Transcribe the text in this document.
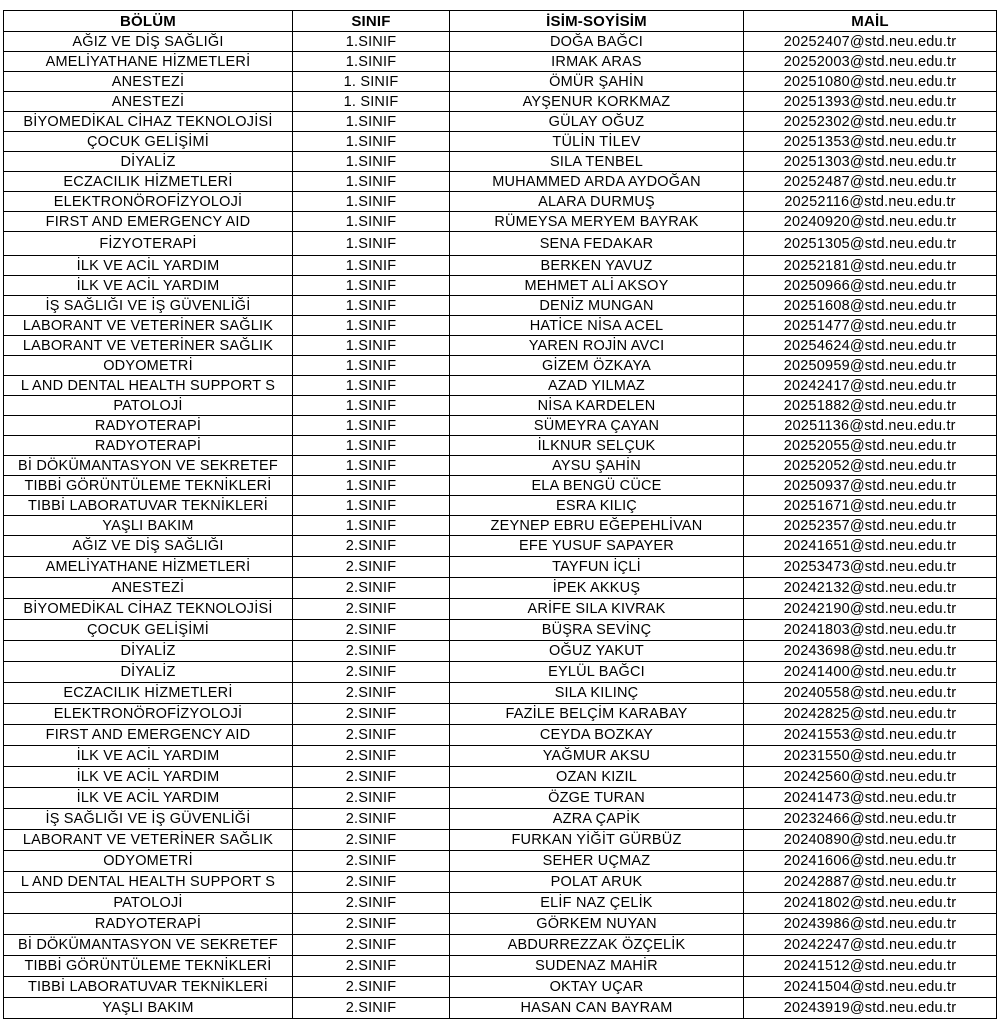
BÖLÜM	SINIF	İSİM-SOYİSİM	MAİL
AĞIZ VE DİŞ SAĞLIĞI	1.SINIF	DOĞA BAĞCI	20252407@std.neu.edu.tr
AMELİYATHANE HİZMETLERİ	1.SINIF	IRMAK ARAS	20252003@std.neu.edu.tr
ANESTEZİ	1. SINIF	ÖMÜR ŞAHİN	20251080@std.neu.edu.tr
ANESTEZİ	1. SINIF	AYŞENUR KORKMAZ	20251393@std.neu.edu.tr
BİYOMEDİKAL CİHAZ TEKNOLOJİSİ	1.SINIF	GÜLAY OĞUZ	20252302@std.neu.edu.tr
ÇOCUK GELİŞİMİ	1.SINIF	TÜLİN TİLEV	20251353@std.neu.edu.tr
DİYALİZ	1.SINIF	SILA TENBEL	20251303@std.neu.edu.tr
ECZACILIK HİZMETLERİ	1.SINIF	MUHAMMED ARDA AYDOĞAN	20252487@std.neu.edu.tr
ELEKTRONÖROFİZYOLOJİ	1.SINIF	ALARA DURMUŞ	20252116@std.neu.edu.tr
FIRST AND EMERGENCY AID	1.SINIF	RÜMEYSA MERYEM BAYRAK	20240920@std.neu.edu.tr
FİZYOTERAPİ	1.SINIF	SENA FEDAKAR	20251305@std.neu.edu.tr
İLK VE ACİL YARDIM	1.SINIF	BERKEN YAVUZ	20252181@std.neu.edu.tr
İLK VE ACİL YARDIM	1.SINIF	MEHMET ALİ AKSOY	20250966@std.neu.edu.tr
İŞ SAĞLIĞI VE İŞ GÜVENLİĞİ	1.SINIF	DENİZ MUNGAN	20251608@std.neu.edu.tr
LABORANT VE VETERİNER SAĞLIK	1.SINIF	HATİCE NİSA ACEL	20251477@std.neu.edu.tr
LABORANT VE VETERİNER SAĞLIK	1.SINIF	YAREN ROJİN AVCI	20254624@std.neu.edu.tr
ODYOMETRİ	1.SINIF	GİZEM ÖZKAYA	20250959@std.neu.edu.tr
L AND DENTAL HEALTH SUPPORT S	1.SINIF	AZAD YILMAZ	20242417@std.neu.edu.tr
PATOLOJİ	1.SINIF	NİSA KARDELEN	20251882@std.neu.edu.tr
RADYOTERAPİ	1.SINIF	SÜMEYRA ÇAYAN	20251136@std.neu.edu.tr
RADYOTERAPİ	1.SINIF	İLKNUR SELÇUK	20252055@std.neu.edu.tr
Bİ DÖKÜMANTASYON VE SEKRETEF	1.SINIF	AYSU ŞAHİN	20252052@std.neu.edu.tr
TIBBİ GÖRÜNTÜLEME TEKNİKLERİ	1.SINIF	ELA BENGÜ CÜCE	20250937@std.neu.edu.tr
TIBBİ LABORATUVAR TEKNİKLERİ	1.SINIF	ESRA KILIÇ	20251671@std.neu.edu.tr
YAŞLI BAKIM	1.SINIF	ZEYNEP EBRU EĞEPEHLİVAN	20252357@std.neu.edu.tr
AĞIZ VE DİŞ SAĞLIĞI	2.SINIF	EFE YUSUF SAPAYER	20241651@std.neu.edu.tr
AMELİYATHANE HİZMETLERİ	2.SINIF	TAYFUN İÇLİ	20253473@std.neu.edu.tr
ANESTEZİ	2.SINIF	İPEK AKKUŞ	20242132@std.neu.edu.tr
BİYOMEDİKAL CİHAZ TEKNOLOJİSİ	2.SINIF	ARİFE SILA KIVRAK	20242190@std.neu.edu.tr
ÇOCUK GELİŞİMİ	2.SINIF	BÜŞRA SEVİNÇ	20241803@std.neu.edu.tr
DİYALİZ	2.SINIF	OĞUZ YAKUT	20243698@std.neu.edu.tr
DİYALİZ	2.SINIF	EYLÜL BAĞCI	20241400@std.neu.edu.tr
ECZACILIK HİZMETLERİ	2.SINIF	SILA KILINÇ	20240558@std.neu.edu.tr
ELEKTRONÖROFİZYOLOJİ	2.SINIF	FAZİLE BELÇİM KARABAY	20242825@std.neu.edu.tr
FIRST AND EMERGENCY AID	2.SINIF	CEYDA BOZKAY	20241553@std.neu.edu.tr
İLK VE ACİL YARDIM	2.SINIF	YAĞMUR AKSU	20231550@std.neu.edu.tr
İLK VE ACİL YARDIM	2.SINIF	OZAN KIZIL	20242560@std.neu.edu.tr
İLK VE ACİL YARDIM	2.SINIF	ÖZGE TURAN	20241473@std.neu.edu.tr
İŞ SAĞLIĞI VE İŞ GÜVENLİĞİ	2.SINIF	AZRA ÇAPİK	20232466@std.neu.edu.tr
LABORANT VE VETERİNER SAĞLIK	2.SINIF	FURKAN YİĞİT GÜRBÜZ	20240890@std.neu.edu.tr
ODYOMETRİ	2.SINIF	SEHER UÇMAZ	20241606@std.neu.edu.tr
L AND DENTAL HEALTH SUPPORT S	2.SINIF	POLAT ARUK	20242887@std.neu.edu.tr
PATOLOJİ	2.SINIF	ELİF NAZ ÇELİK	20241802@std.neu.edu.tr
RADYOTERAPİ	2.SINIF	GÖRKEM NUYAN	20243986@std.neu.edu.tr
Bİ DÖKÜMANTASYON VE SEKRETEF	2.SINIF	ABDURREZZAK ÖZÇELİK	20242247@std.neu.edu.tr
TIBBİ GÖRÜNTÜLEME TEKNİKLERİ	2.SINIF	SUDENAZ MAHİR	20241512@std.neu.edu.tr
TIBBİ LABORATUVAR TEKNİKLERİ	2.SINIF	OKTAY UÇAR	20241504@std.neu.edu.tr
YAŞLI BAKIM	2.SINIF	HASAN CAN BAYRAM	20243919@std.neu.edu.tr
